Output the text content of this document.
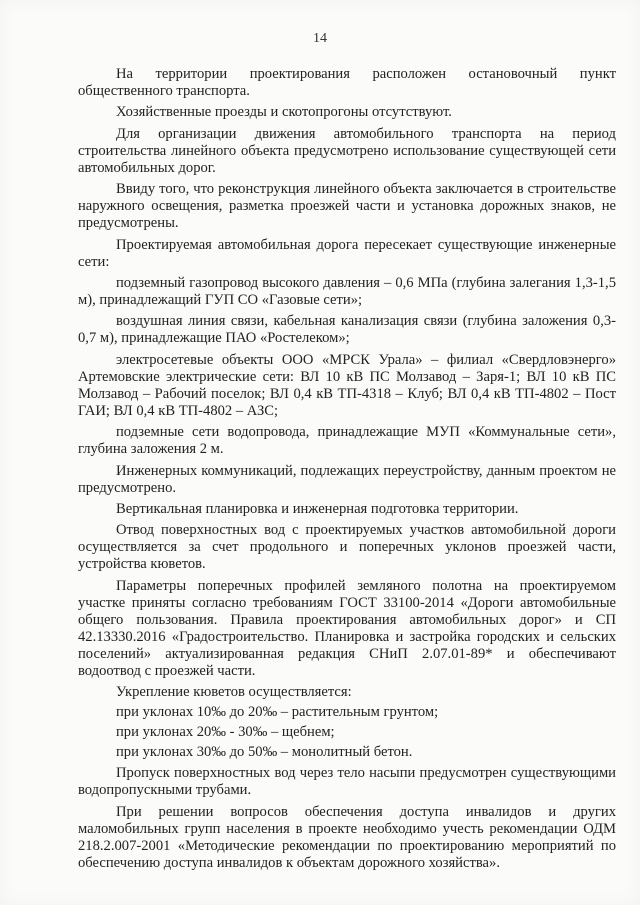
14

На территории проектирования расположен остановочный пункт общественного транспорта.

Хозяйственные проезды и скотопрогоны отсутствуют.

Для организации движения автомобильного транспорта на период строительства линейного объекта предусмотрено использование существующей сети автомобильных дорог.

Ввиду того, что реконструкция линейного объекта заключается в строительстве наружного освещения, разметка проезжей части и установка дорожных знаков, не предусмотрены.

Проектируемая автомобильная дорога пересекает существующие инженерные сети:

подземный газопровод высокого давления – 0,6 МПа (глубина залегания 1,3-1,5 м), принадлежащий ГУП СО «Газовые сети»;

воздушная линия связи, кабельная канализация связи (глубина заложения 0,3-0,7 м), принадлежащие ПАО «Ростелеком»;

электросетевые объекты ООО «МРСК Урала» – филиал «Свердловэнерго» Артемовские электрические сети: ВЛ 10 кВ ПС Молзавод – Заря-1; ВЛ 10 кВ ПС Молзавод – Рабочий поселок; ВЛ 0,4 кВ ТП-4318 – Клуб; ВЛ 0,4 кВ ТП-4802 – Пост ГАИ; ВЛ 0,4 кВ ТП-4802 – АЗС;

подземные сети водопровода, принадлежащие МУП «Коммунальные сети», глубина заложения 2 м.

Инженерных коммуникаций, подлежащих переустройству, данным проектом не предусмотрено.

Вертикальная планировка и инженерная подготовка территории.

Отвод поверхностных вод с проектируемых участков автомобильной дороги осуществляется за счет продольного и поперечных уклонов проезжей части, устройства кюветов.

Параметры поперечных профилей земляного полотна на проектируемом участке приняты согласно требованиям ГОСТ 33100-2014 «Дороги автомобильные общего пользования. Правила проектирования автомобильных дорог» и СП 42.13330.2016 «Градостроительство. Планировка и застройка городских и сельских поселений» актуализированная редакция СНиП 2.07.01-89* и обеспечивают водоотвод с проезжей части.

Укрепление кюветов осуществляется:

при уклонах 10‰ до 20‰ – растительным грунтом;

при уклонах 20‰ - 30‰ – щебнем;

при уклонах 30‰ до 50‰ – монолитный бетон.

Пропуск поверхностных вод через тело насыпи предусмотрен существующими водопропускными трубами.

При решении вопросов обеспечения доступа инвалидов и других маломобильных групп населения в проекте необходимо учесть рекомендации ОДМ 218.2.007-2001 «Методические рекомендации по проектированию мероприятий по обеспечению доступа инвалидов к объектам дорожного хозяйства».
